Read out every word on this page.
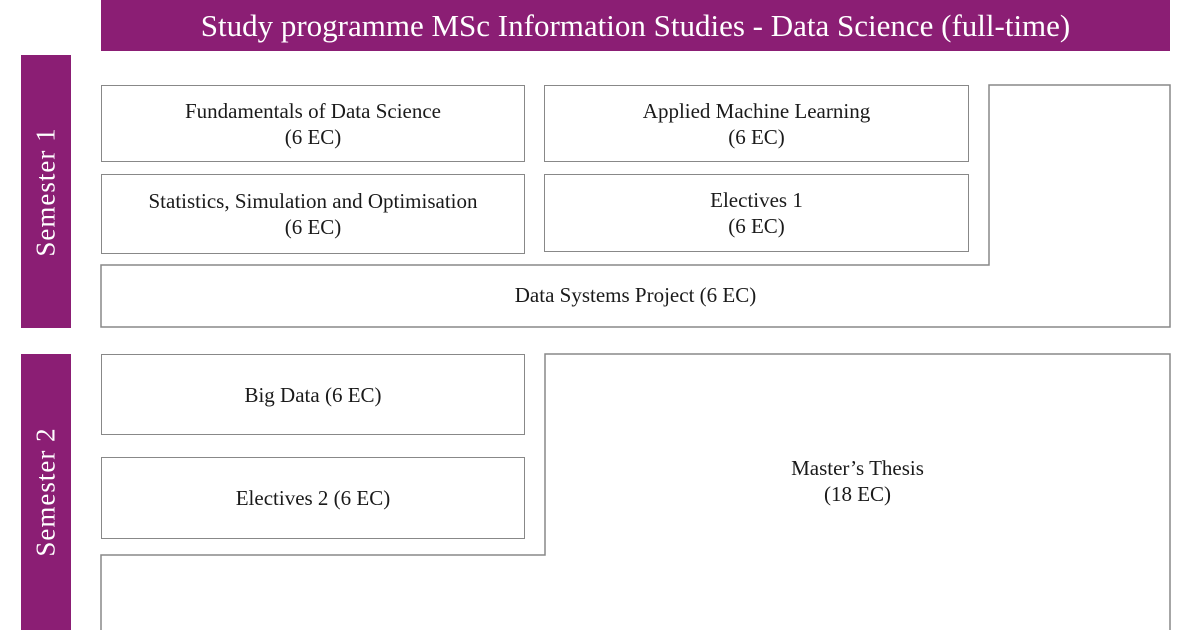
Study programme MSc Information Studies - Data Science (full-time)
Semester 1
Semester 2
Fundamentals of Data Science
(6 EC)
Applied Machine Learning
(6 EC)
Statistics, Simulation and Optimisation
(6 EC)
Electives 1
(6 EC)
Data Systems Project (6 EC)
Big Data (6 EC)
Electives 2 (6 EC)
Master’s Thesis
(18 EC)
